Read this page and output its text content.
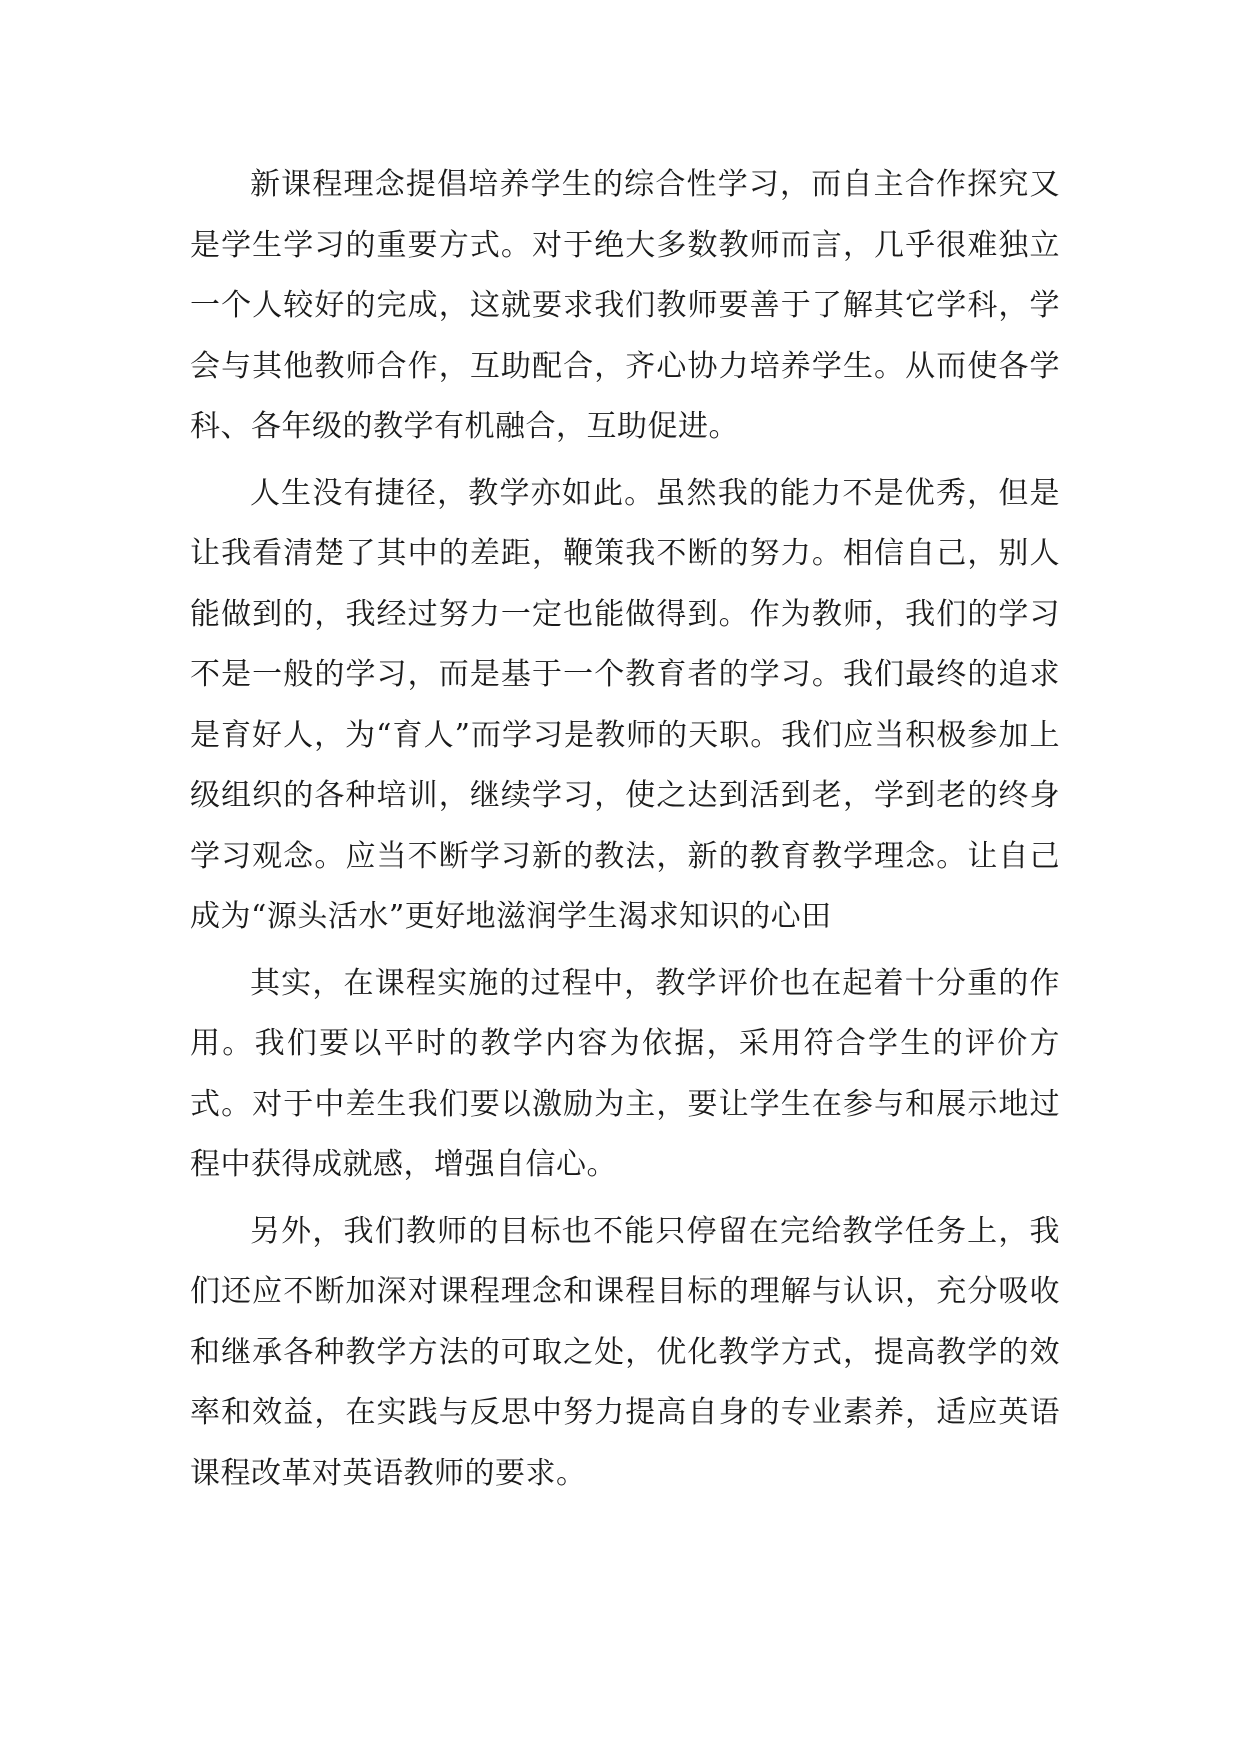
新课程理念提倡培养学生的综合性学习，而自主合作探究又是学生学习的重要方式。对于绝大多数教师而言，几乎很难独立一个人较好的完成，这就要求我们教师要善于了解其它学科，学会与其他教师合作，互助配合，齐心协力培养学生。从而使各学科、各年级的教学有机融合，互助促进。

人生没有捷径，教学亦如此。虽然我的能力不是优秀，但是让我看清楚了其中的差距，鞭策我不断的努力。相信自己，别人能做到的，我经过努力一定也能做得到。作为教师，我们的学习不是一般的学习，而是基于一个教育者的学习。我们最终的追求是育好人，为“育人”而学习是教师的天职。我们应当积极参加上级组织的各种培训，继续学习，使之达到活到老，学到老的终身学习观念。应当不断学习新的教法，新的教育教学理念。让自己成为“源头活水”更好地滋润学生渴求知识的心田

其实，在课程实施的过程中，教学评价也在起着十分重的作用。我们要以平时的教学内容为依据，采用符合学生的评价方式。对于中差生我们要以激励为主，要让学生在参与和展示地过程中获得成就感，增强自信心。

另外，我们教师的目标也不能只停留在完给教学任务上，我们还应不断加深对课程理念和课程目标的理解与认识，充分吸收和继承各种教学方法的可取之处，优化教学方式，提高教学的效率和效益，在实践与反思中努力提高自身的专业素养，适应英语课程改革对英语教师的要求。
